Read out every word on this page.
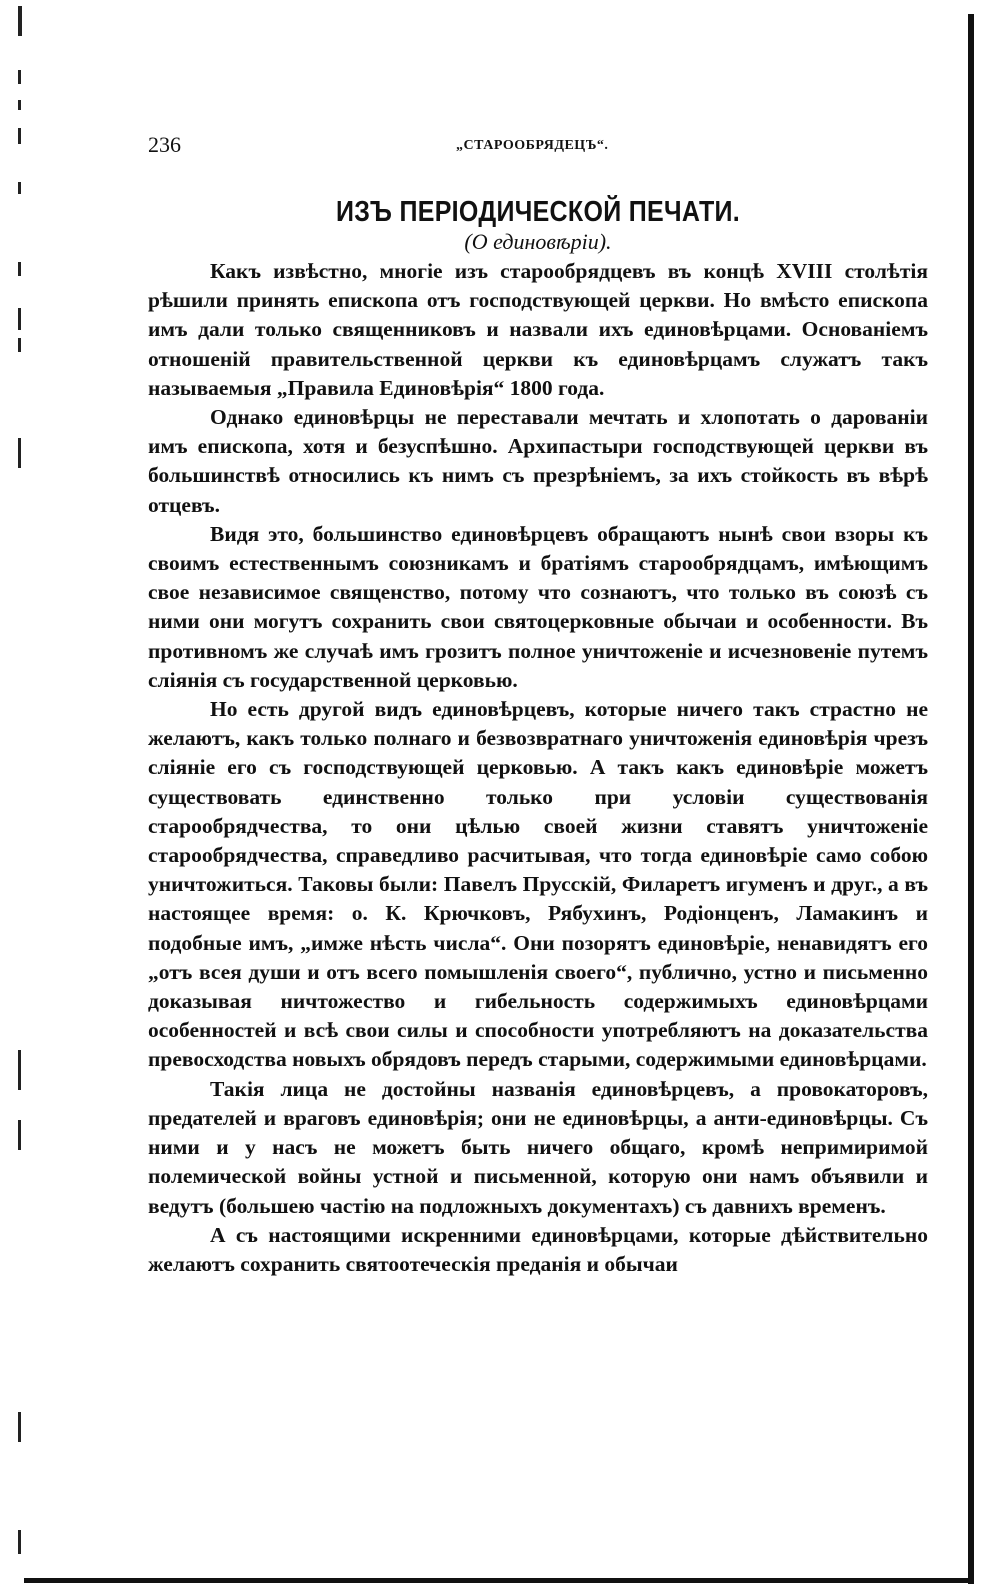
236	„СТАРООБРЯДЕЦЪ“.
ИЗЪ ПЕРІОДИЧЕСКОЙ ПЕЧАТИ.
(О единовѣріи).

Какъ извѣстно, многіе изъ старообрядцевъ въ концѣ XVIII столѣтія рѣшили принять епископа отъ господствующей церкви. Но вмѣсто епископа имъ дали только священниковъ и назвали ихъ единовѣрцами. Основаніемъ отношеній правительственной церкви къ единовѣрцамъ служатъ такъ называемыя „Правила Единовѣрія“ 1800 года.

Однако единовѣрцы не переставали мечтать и хлопотать о дарованіи имъ епископа, хотя и безуспѣшно. Архипастыри господствующей церкви въ большинствѣ относились къ нимъ съ презрѣніемъ, за ихъ стойкость въ вѣрѣ отцевъ.

Видя это, большинство единовѣрцевъ обращаютъ нынѣ свои взоры къ своимъ естественнымъ союзникамъ и братіямъ старообрядцамъ, имѣющимъ свое независимое священство, потому что сознаютъ, что только въ союзѣ съ ними они могутъ сохранить свои святоцерковные обычаи и особенности. Въ противномъ же случаѣ имъ грозитъ полное уничтоженіе и исчезновеніе путемъ сліянія съ государственной церковью.

Но есть другой видъ единовѣрцевъ, которые ничего такъ страстно не желаютъ, какъ только полнаго и безвозвратнаго уничтоженія единовѣрія чрезъ сліяніе его съ господствующей церковью. А такъ какъ единовѣріе можетъ существовать единственно только при условіи существованія старообрядчества, то они цѣлью своей жизни ставятъ уничтоженіе старообрядчества, справедливо расчитывая, что тогда единовѣріе само собою уничтожиться. Таковы были: Павелъ Прусскій, Филаретъ игуменъ и друг., а въ настоящее время: о. К. Крючковъ, Рябухинъ, Родіонценъ, Ламакинъ и подобные имъ, „имже нѣсть числа“. Они позорятъ единовѣріе, ненавидятъ его „отъ всея души и отъ всего помышленія своего“, публично, устно и письменно доказывая ничтожество и гибельность содержимыхъ единовѣрцами особенностей и всѣ свои силы и способности употребляютъ на доказательства превосходства новыхъ обрядовъ передъ старыми, содержимыми единовѣрцами.

Такія лица не достойны названія единовѣрцевъ, а провокаторовъ, предателей и враговъ единовѣрія; они не единовѣрцы, а анти-единовѣрцы. Съ ними и у насъ не можетъ быть ничего общаго, кромѣ непримиримой полемической войны устной и письменной, которую они намъ объявили и ведутъ (большею частію на подложныхъ документахъ) съ давнихъ временъ.

А съ настоящими искренними единовѣрцами, которые дѣйствительно желаютъ сохранить святоотеческія преданія и обычаи
